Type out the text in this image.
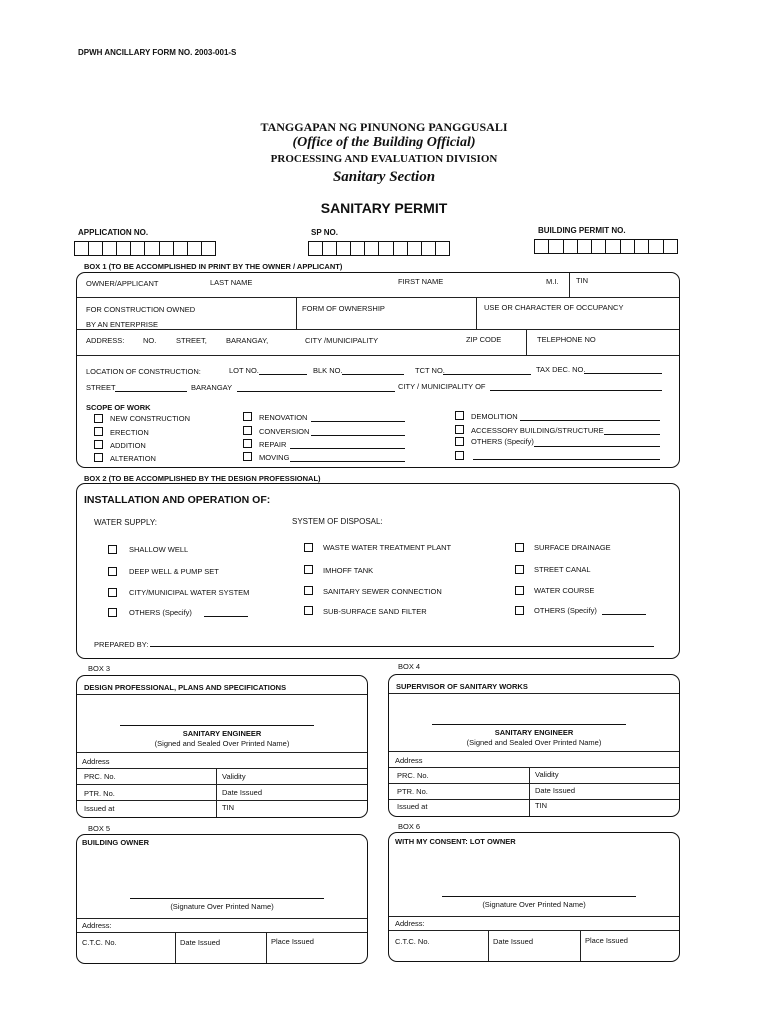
DPWH ANCILLARY FORM NO. 2003-001-S
TANGGAPAN NG PINUNONG PANGGUSALI
(Office of the Building Official)
PROCESSING AND EVALUATION DIVISION
Sanitary Section
SANITARY PERMIT
APPLICATION NO.	SP NO.	BUILDING PERMIT NO.
BOX 1 (TO BE ACCOMPLISHED IN PRINT BY THE OWNER / APPLICANT)
OWNER/APPLICANT	LAST NAME	FIRST NAME	M.I. TIN
FOR CONSTRUCTION OWNED
BY AN ENTERPRISE
FORM OF OWNERSHIP	USE OR CHARACTER OF OCCUPANCY
ADDRESS: NO.	STREET,	BARANGAY,	CITY /MUNICIPALITY	ZIP CODE	TELEPHONE NO
LOCATION OF CONSTRUCTION:	LOT NO.	BLK NO.	TCT NO.	TAX DEC. NO.
STREET	BARANGAY	CITY / MUNICIPALITY OF
SCOPE OF WORK
NEW CONSTRUCTION
ERECTION
ADDITION
ALTERATION
RENOVATION
CONVERSION
REPAIR
MOVING
DEMOLITION
ACCESSORY BUILDING/STRUCTURE
OTHERS (Specify)
BOX 2 (TO BE ACCOMPLISHED BY THE DESIGN PROFESSIONAL)
INSTALLATION AND OPERATION OF:
WATER SUPPLY:	SYSTEM OF DISPOSAL:
SHALLOW WELL
DEEP WELL & PUMP SET
CITY/MUNICIPAL WATER SYSTEM
OTHERS (Specify)
WASTE WATER TREATMENT PLANT
IMHOFF TANK
SANITARY SEWER CONNECTION
SUB-SURFACE SAND FILTER
SURFACE DRAINAGE
STREET CANAL
WATER COURSE
OTHERS (Specify)
PREPARED BY:
BOX 3
DESIGN PROFESSIONAL, PLANS AND SPECIFICATIONS
SANITARY ENGINEER
(Signed and Sealed Over Printed Name)
Address
PRC. No.	Validity
PTR. No.	Date Issued
Issued at	TIN
BOX 4
SUPERVISOR OF SANITARY WORKS
SANITARY ENGINEER
(Signed and Sealed Over Printed Name)
Address
PRC. No.	Validity
PTR. No.	Date Issued
Issued at	TIN
BOX 5
BUILDING OWNER
(Signature Over Printed Name)
Address:
C.T.C. No.	Date Issued	Place Issued
BOX 6
WITH MY CONSENT: LOT OWNER
(Signature Over Printed Name)
Address:
C.T.C. No.	Date Issued	Place Issued
